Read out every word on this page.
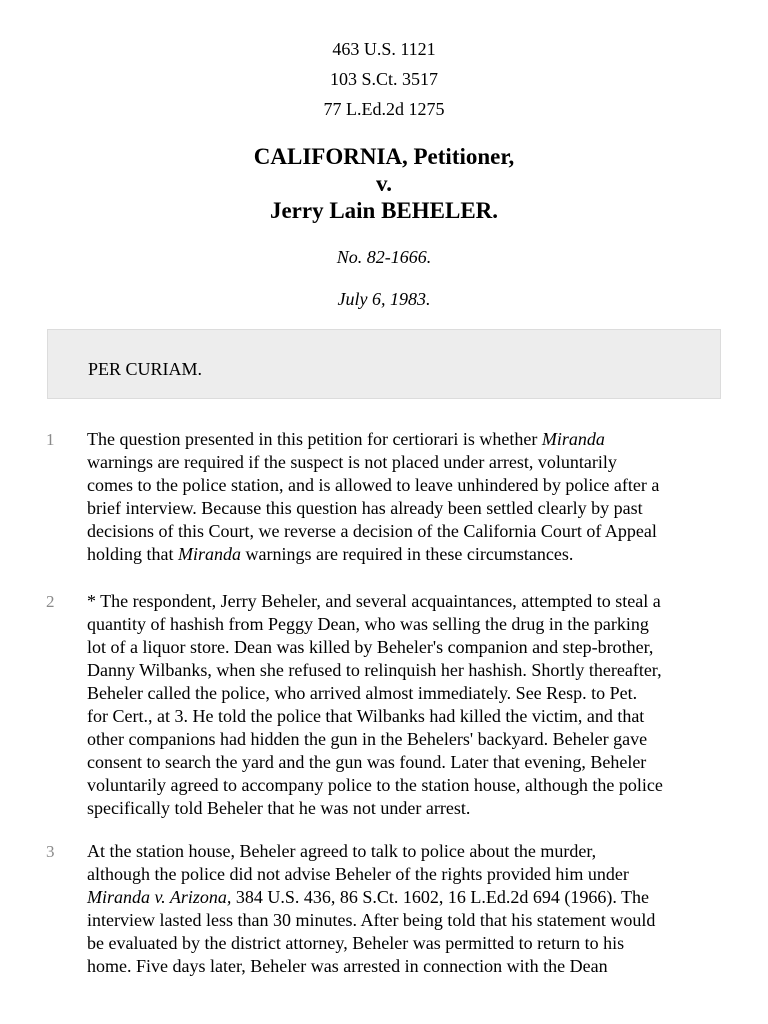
463 U.S. 1121
103 S.Ct. 3517
77 L.Ed.2d 1275
CALIFORNIA, Petitioner,
v.
Jerry Lain BEHELER.
No. 82-1666.
July 6, 1983.
PER CURIAM.
1 The question presented in this petition for certiorari is whether Miranda
warnings are required if the suspect is not placed under arrest, voluntarily
comes to the police station, and is allowed to leave unhindered by police after a
brief interview. Because this question has already been settled clearly by past
decisions of this Court, we reverse a decision of the California Court of Appeal
holding that Miranda warnings are required in these circumstances.

2 * The respondent, Jerry Beheler, and several acquaintances, attempted to steal a
quantity of hashish from Peggy Dean, who was selling the drug in the parking
lot of a liquor store. Dean was killed by Beheler's companion and step-brother,
Danny Wilbanks, when she refused to relinquish her hashish. Shortly thereafter,
Beheler called the police, who arrived almost immediately. See Resp. to Pet.
for Cert., at 3. He told the police that Wilbanks had killed the victim, and that
other companions had hidden the gun in the Behelers' backyard. Beheler gave
consent to search the yard and the gun was found. Later that evening, Beheler
voluntarily agreed to accompany police to the station house, although the police
specifically told Beheler that he was not under arrest.

3 At the station house, Beheler agreed to talk to police about the murder,
although the police did not advise Beheler of the rights provided him under
Miranda v. Arizona, 384 U.S. 436, 86 S.Ct. 1602, 16 L.Ed.2d 694 (1966). The
interview lasted less than 30 minutes. After being told that his statement would
be evaluated by the district attorney, Beheler was permitted to return to his
home. Five days later, Beheler was arrested in connection with the Dean
